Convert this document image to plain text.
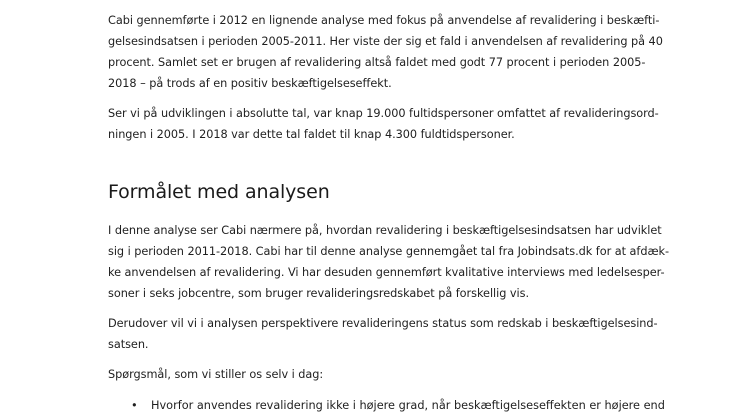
Cabi gennemførte i 2012 en lignende analyse med fokus på anvendelse af revalidering i beskæfti-
gelsesindsatsen i perioden 2005-2011. Her viste der sig et fald i anvendelsen af revalidering på 40
procent. Samlet set er brugen af revalidering altså faldet med godt 77 procent i perioden 2005-
2018 – på trods af en positiv beskæftigelseseffekt.

Ser vi på udviklingen i absolutte tal, var knap 19.000 fultidspersoner omfattet af revalideringsord-
ningen i 2005. I 2018 var dette tal faldet til knap 4.300 fuldtidspersoner.

Formålet med analysen

I denne analyse ser Cabi nærmere på, hvordan revalidering i beskæftigelsesindsatsen har udviklet
sig i perioden 2011-2018. Cabi har til denne analyse gennemgået tal fra Jobindsats.dk for at afdæk-
ke anvendelsen af revalidering. Vi har desuden gennemført kvalitative interviews med ledelsesper-
soner i seks jobcentre, som bruger revalideringsredskabet på forskellig vis.

Derudover vil vi i analysen perspektivere revalideringens status som redskab i beskæftigelsesind-
satsen.

Spørgsmål, som vi stiller os selv i dag:

• Hvorfor anvendes revalidering ikke i højere grad, når beskæftigelseseffekten er højere end
